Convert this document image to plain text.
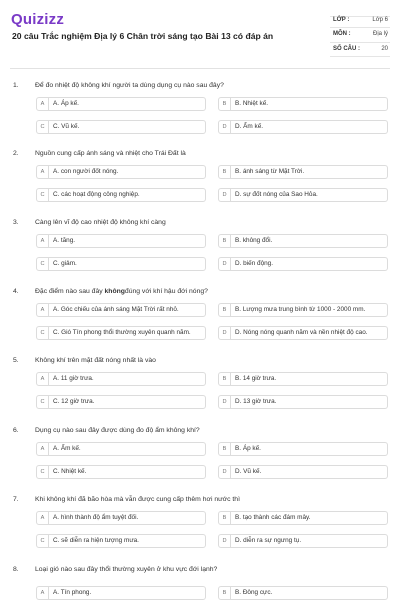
Quizizz
20 câu Trắc nghiệm Địa lý 6 Chân trời sáng tạo Bài 13 có đáp án
LỚP :	Lớp 6
MÔN :	Địa lý
SỐ CÂU :	20
1. Để đo nhiệt độ không khí người ta dùng dụng cụ nào sau đây?
A	A. Áp kế.	B	B. Nhiệt kế.
C	C. Vũ kế.	D	D. Ẩm kế.
2. Nguồn cung cấp ánh sáng và nhiệt cho Trái Đất là
A	A. con người đốt nóng.	B	B. ánh sáng từ Mặt Trời.
C	C. các hoạt động công nghiệp.	D	D. sự đốt nóng của Sao Hỏa.
3. Càng lên vĩ độ cao nhiệt độ không khí càng
A	A. tăng.	B	B. không đổi.
C	C. giảm.	D	D. biến động.
4. Đặc điểm nào sau đây khôngđúng với khí hậu đới nóng?
A	A. Góc chiếu của ánh sáng Mặt Trời rất nhỏ.	B	B. Lượng mưa trung bình từ 1000 - 2000 mm.
C	C. Gió Tín phong thổi thường xuyên quanh năm.	D	D. Nóng nóng quanh năm và nền nhiệt độ cao.
5. Không khí trên mặt đất nóng nhất là vào
A	A. 11 giờ trưa.	B	B. 14 giờ trưa.
C	C. 12 giờ trưa.	D	D. 13 giờ trưa.
6. Dụng cụ nào sau đây được dùng đo độ ẩm không khí?
A	A. Ẩm kế.	B	B. Áp kế.
C	C. Nhiệt kế.	D	D. Vũ kế.
7. Khi không khí đã bão hòa mà vẫn được cung cấp thêm hơi nước thì
A	A. hình thành độ ẩm tuyệt đối.	B	B. tạo thành các đám mây.
C	C. sẽ diễn ra hiện tượng mưa.	D	D. diễn ra sự ngưng tụ.
8. Loại gió nào sau đây thổi thường xuyên ở khu vực đới lạnh?
A	A. Tín phong.	B	B. Đông cực.
